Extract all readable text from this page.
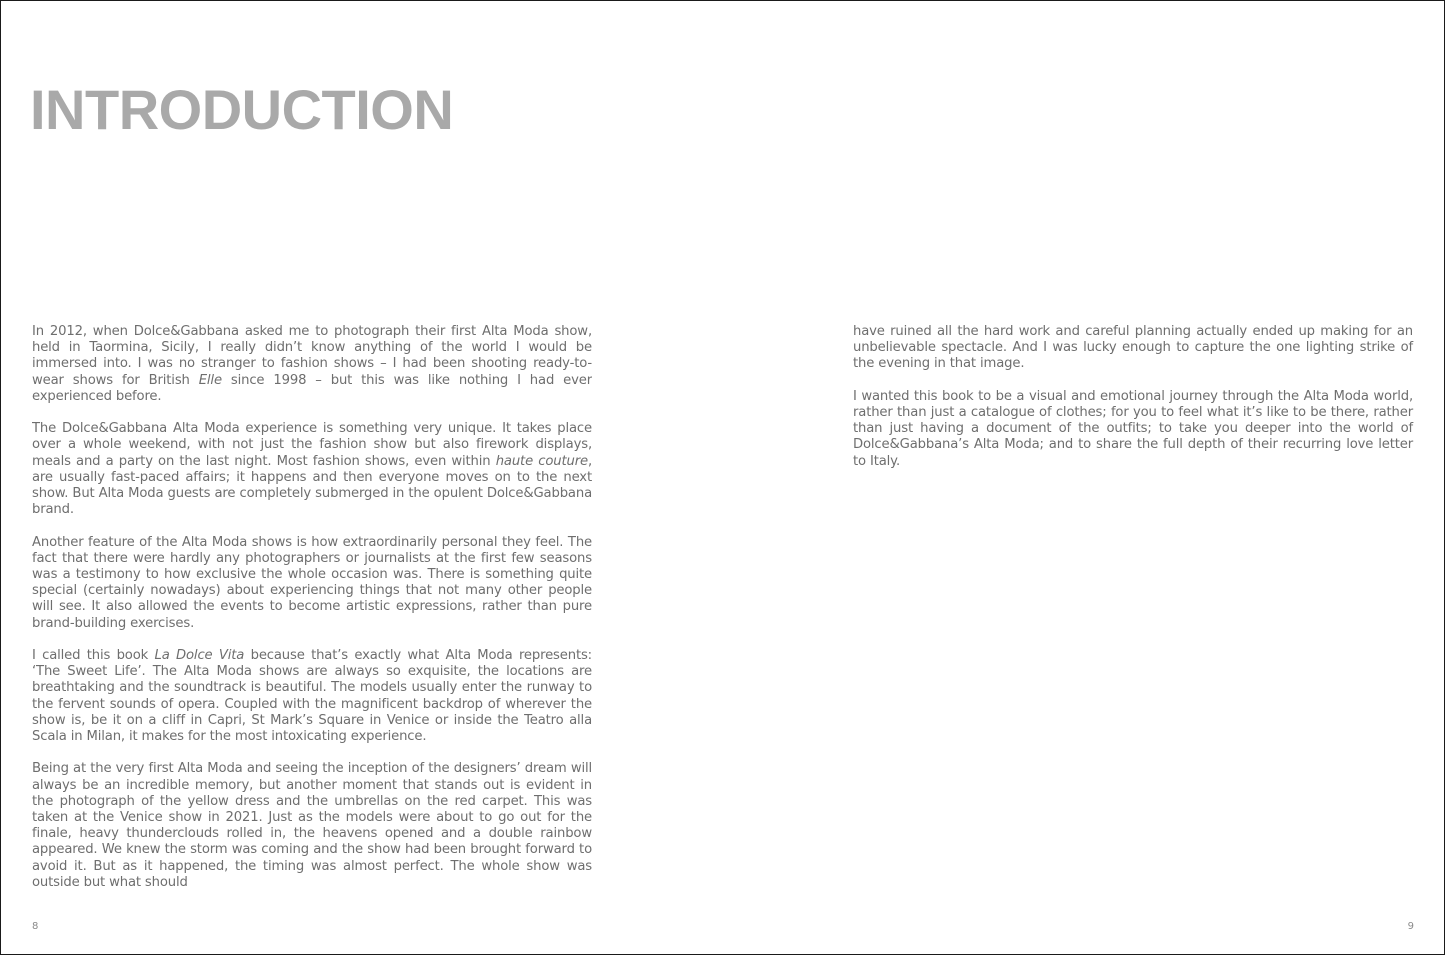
INTRODUCTION

In 2012, when Dolce&Gabbana asked me to photograph their first Alta Moda show, held in Taormina, Sicily, I really didn’t know anything of the world I would be immersed into. I was no stranger to fashion shows – I had been shooting ready-to-wear shows for British Elle since 1998 – but this was like nothing I had ever experienced before.

The Dolce&Gabbana Alta Moda experience is something very unique. It takes place over a whole weekend, with not just the fashion show but also firework displays, meals and a party on the last night. Most fashion shows, even within haute couture, are usually fast-paced affairs; it happens and then everyone moves on to the next show. But Alta Moda guests are completely submerged in the opulent Dolce&Gabbana brand.

Another feature of the Alta Moda shows is how extraordinarily personal they feel. The fact that there were hardly any photographers or journalists at the first few seasons was a testimony to how exclusive the whole occasion was. There is something quite special (certainly nowadays) about experiencing things that not many other people will see. It also allowed the events to become artistic expressions, rather than pure brand-building exercises.

I called this book La Dolce Vita because that’s exactly what Alta Moda represents: ‘The Sweet Life’. The Alta Moda shows are always so exquisite, the locations are breathtaking and the soundtrack is beautiful. The models usually enter the runway to the fervent sounds of opera. Coupled with the magnificent backdrop of wherever the show is, be it on a cliff in Capri, St Mark’s Square in Venice or inside the Teatro alla Scala in Milan, it makes for the most intoxicating experience.

Being at the very first Alta Moda and seeing the inception of the designers’ dream will always be an incredible memory, but another moment that stands out is evident in the photograph of the yellow dress and the umbrellas on the red carpet. This was taken at the Venice show in 2021. Just as the models were about to go out for the finale, heavy thunderclouds rolled in, the heavens opened and a double rainbow appeared. We knew the storm was coming and the show had been brought forward to avoid it. But as it happened, the timing was almost perfect. The whole show was outside but what should

have ruined all the hard work and careful planning actually ended up making for an unbelievable spectacle. And I was lucky enough to capture the one lighting strike of the evening in that image.

I wanted this book to be a visual and emotional journey through the Alta Moda world, rather than just a catalogue of clothes; for you to feel what it’s like to be there, rather than just having a document of the outfits; to take you deeper into the world of Dolce&Gabbana’s Alta Moda; and to share the full depth of their recurring love letter to Italy.

8	9
